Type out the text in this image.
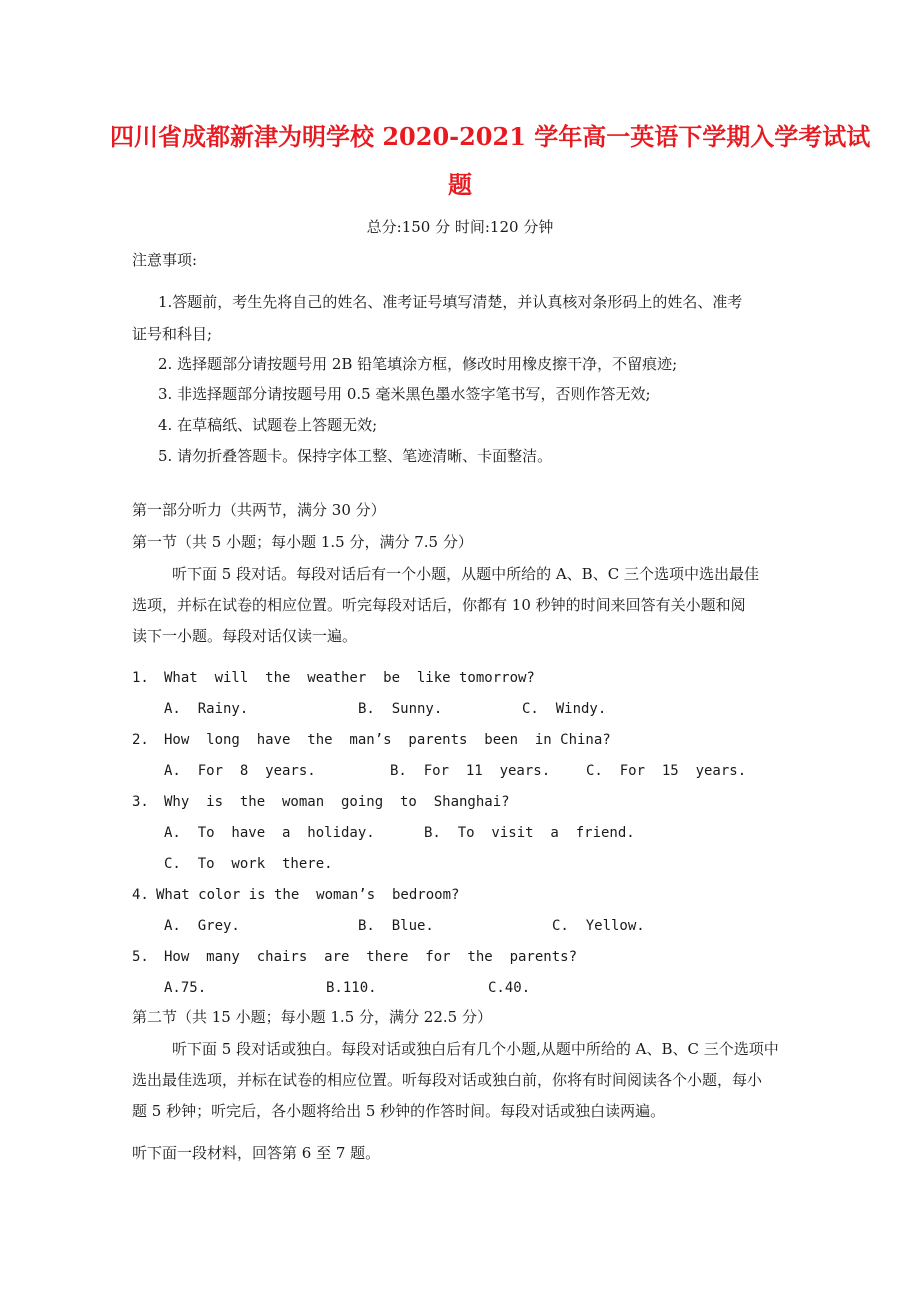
四川省成都新津为明学校 2020-2021 学年高一英语下学期入学考试试
题
总分:150 分 时间:120 分钟
注意事项:
1.答题前，考生先将自己的姓名、准考证号填写清楚，并认真核对条形码上的姓名、准考
证号和科目;
2. 选择题部分请按题号用 2B 铅笔填涂方框，修改时用橡皮擦干净，不留痕迹;
3. 非选择题部分请按题号用 0.5 毫米黑色墨水签字笔书写，否则作答无效;
4. 在草稿纸、试题卷上答题无效;
5. 请勿折叠答题卡。保持字体工整、笔迹清晰、卡面整洁。
第一部分听力（共两节，满分 30 分）
第一节（共 5 小题；每小题 1.5 分，满分 7.5 分）
听下面 5 段对话。每段对话后有一个小题，从题中所给的 A、B、C 三个选项中选出最佳
选项，并标在试卷的相应位置。听完每段对话后，你都有 10 秒钟的时间来回答有关小题和阅
读下一小题。每段对话仅读一遍。
1. What  will  the  weather  be  like tomorrow?
A.  Rainy.	B.  Sunny.	C.  Windy.
2. How  long  have  the  man’s  parents  been  in China?
A.  For  8  years.	B.  For  11  years.	C.  For  15  years.
3. Why  is  the  woman  going  to  Shanghai?
A.  To  have  a  holiday.	B.  To  visit  a  friend.
C.  To  work  there.
4. What color is the  woman’s  bedroom?
A.  Grey.	B.  Blue.	C.  Yellow.
5. How  many  chairs  are  there  for  the  parents?
A.75.	B.110.	C.40.
第二节（共 15 小题；每小题 1.5 分，满分 22.5 分）
听下面 5 段对话或独白。每段对话或独白后有几个小题,从题中所给的 A、B、C 三个选项中
选出最佳选项，并标在试卷的相应位置。听每段对话或独白前，你将有时间阅读各个小题，每小
题 5 秒钟；听完后，各小题将给出 5 秒钟的作答时间。每段对话或独白读两遍。
听下面一段材料，回答第 6 至 7 题。
